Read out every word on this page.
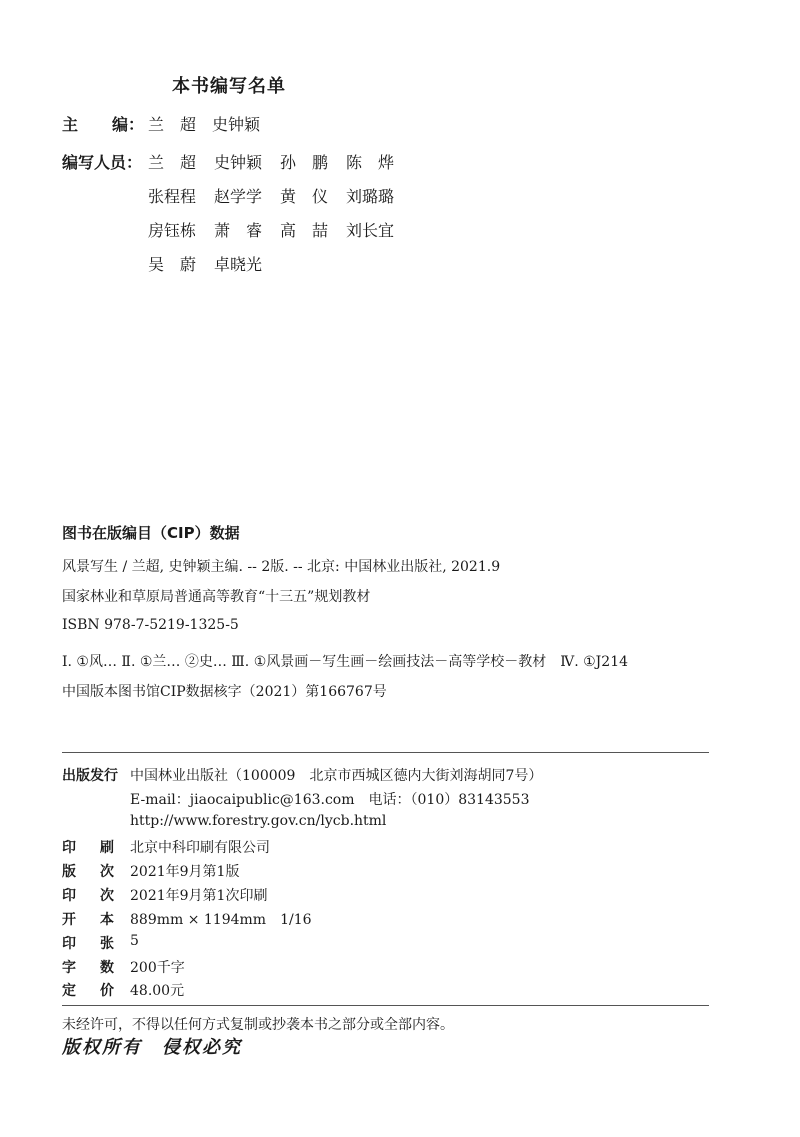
本书编写名单
主 编： 兰　超　史钟颖
编写人员： 兰　超	史钟颖	孙　鹏	陈　烨
张程程	赵学学	黄　仪	刘璐璐
房钰栋	萧　睿	高　喆	刘长宜
吴　蔚	卓晓光
图书在版编目（CIP）数据
风景写生 / 兰超, 史钟颖主编. -- 2版. -- 北京: 中国林业出版社, 2021.9
国家林业和草原局普通高等教育“十三五”规划教材
ISBN 978-7-5219-1325-5
Ⅰ. ①风… Ⅱ. ①兰… ②史… Ⅲ. ①风景画－写生画－绘画技法－高等学校－教材　Ⅳ. ①J214
中国版本图书馆CIP数据核字（2021）第166767号
出版发行 中国林业出版社（100009　北京市西城区德内大街刘海胡同7号）
E-mail：jiaocaipublic@163.com　电话：（010）83143553
http://www.forestry.gov.cn/lycb.html
印 刷 北京中科印刷有限公司
版 次 2021年9月第1版
印 次 2021年9月第1次印刷
开 本 889mm × 1194mm　1/16
印 张 5
字 数 200千字
定 价 48.00元
未经许可，不得以任何方式复制或抄袭本书之部分或全部内容。
版权所有　侵权必究
